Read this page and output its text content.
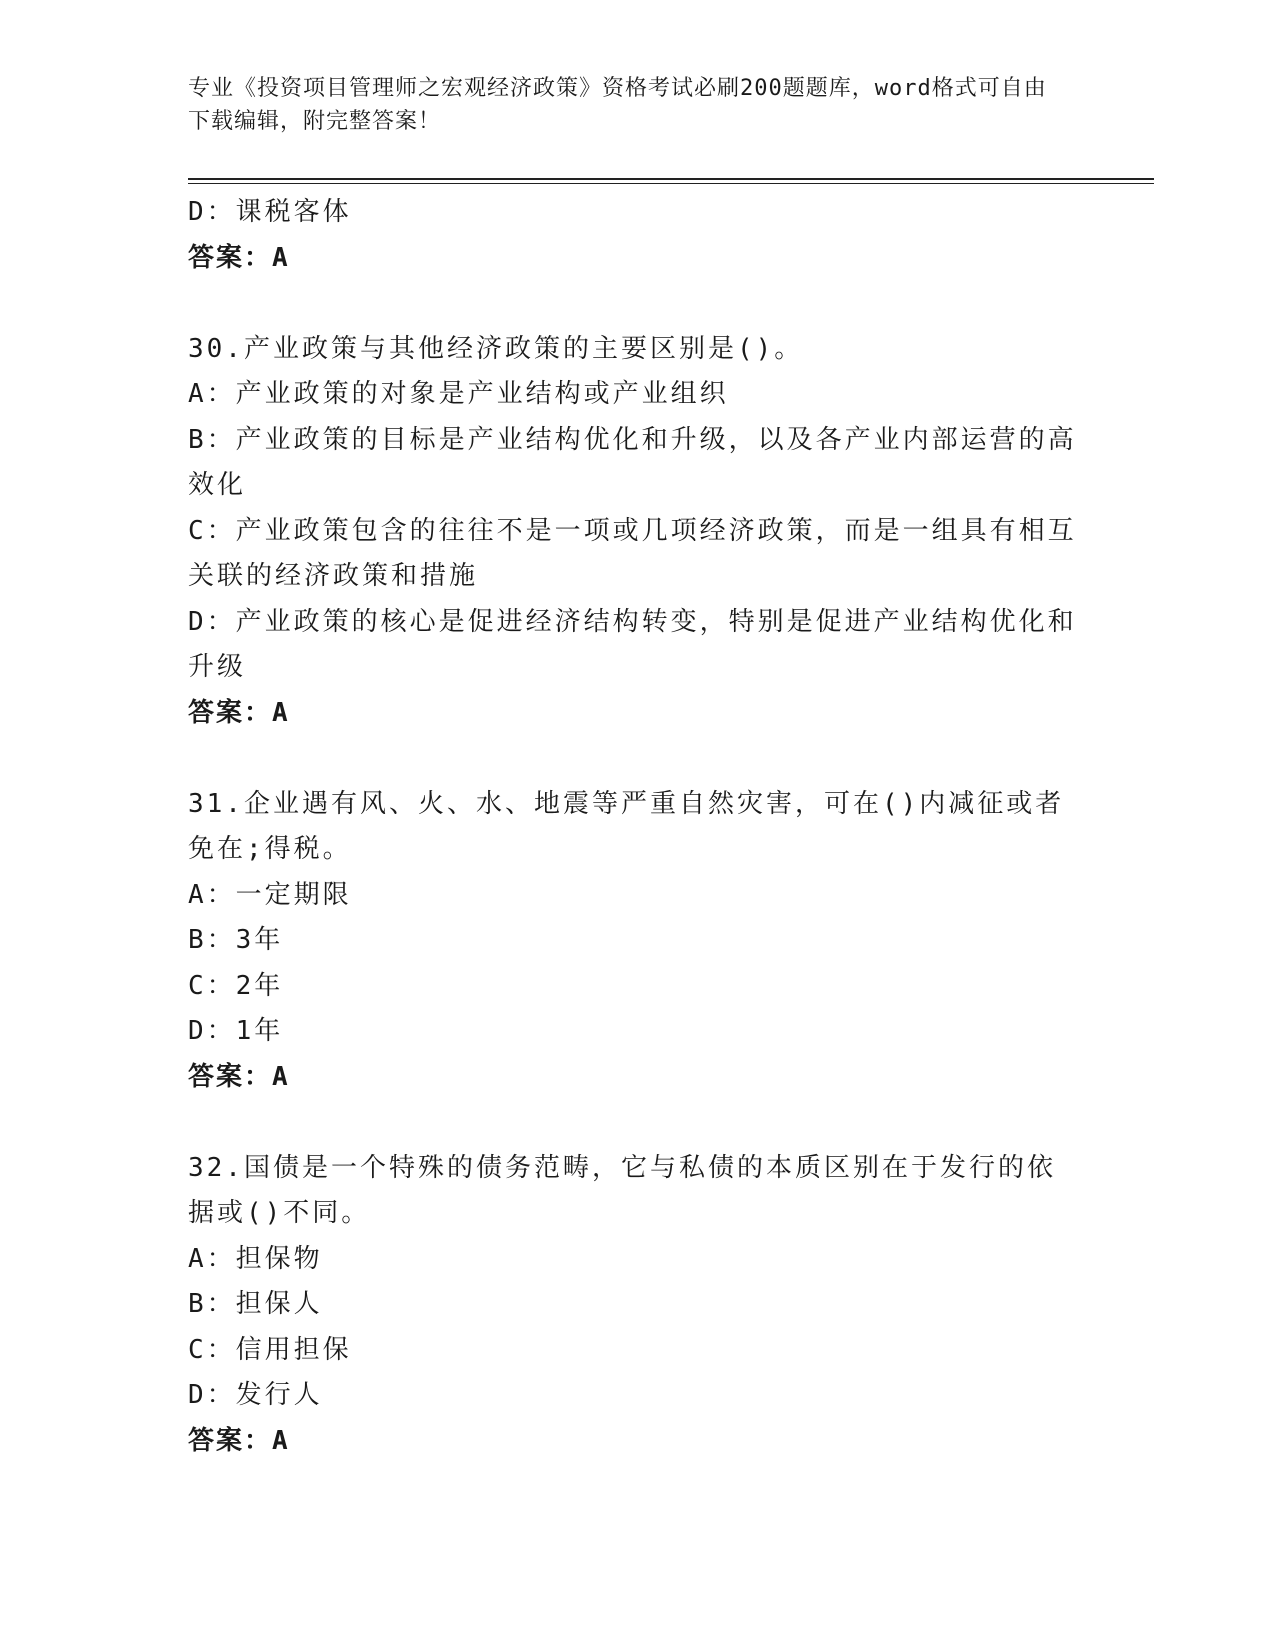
专业《投资项目管理师之宏观经济政策》资格考试必刷200题题库，word格式可自由下载编辑，附完整答案！
D：课税客体
答案：A
30.产业政策与其他经济政策的主要区别是()。
A：产业政策的对象是产业结构或产业组织
B：产业政策的目标是产业结构优化和升级，以及各产业内部运营的高效化
C：产业政策包含的往往不是一项或几项经济政策，而是一组具有相互关联的经济政策和措施
D：产业政策的核心是促进经济结构转变，特别是促进产业结构优化和升级
答案：A
31.企业遇有风、火、水、地震等严重自然灾害，可在()内减征或者免在;得税。
A：一定期限
B：3年
C：2年
D：1年
答案：A
32.国债是一个特殊的债务范畴，它与私债的本质区别在于发行的依据或()不同。
A：担保物
B：担保人
C：信用担保
D：发行人
答案：A
